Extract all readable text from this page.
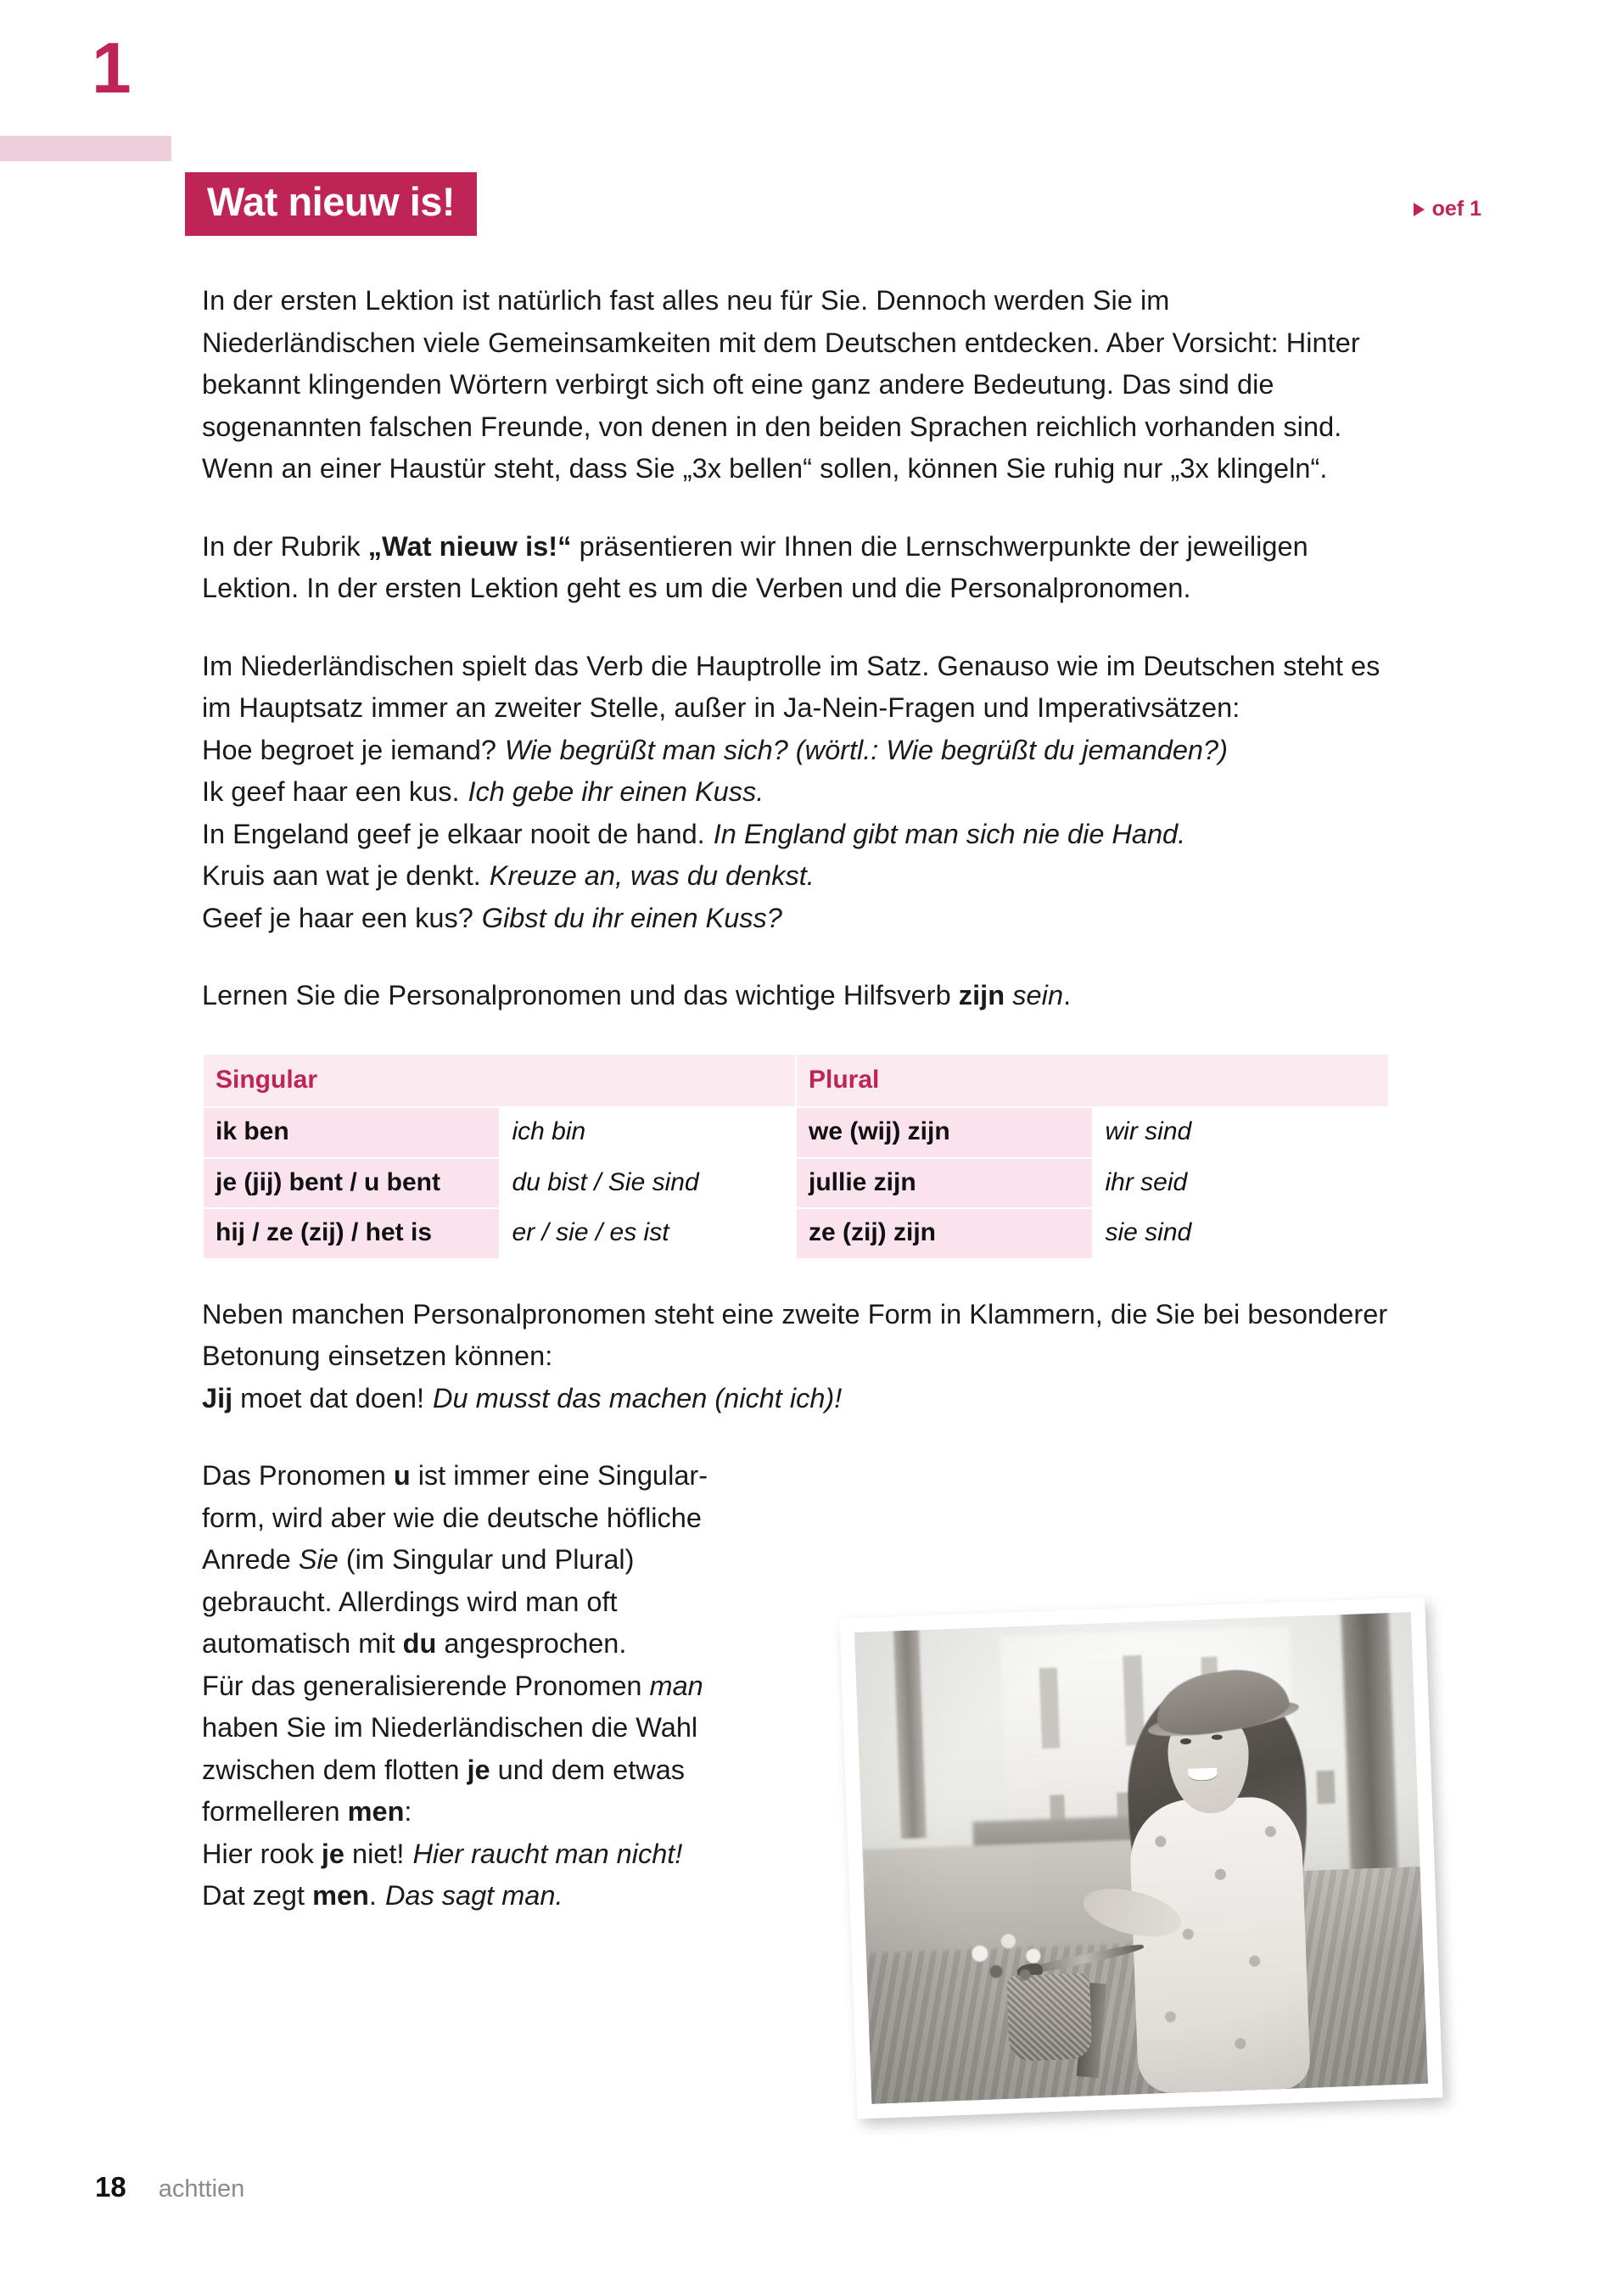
1
Wat nieuw is!	oef 1

In der ersten Lektion ist natürlich fast alles neu für Sie. Dennoch werden Sie im Niederländischen viele Gemeinsamkeiten mit dem Deutschen entdecken. Aber Vorsicht: Hinter bekannt klingenden Wörtern verbirgt sich oft eine ganz andere Bedeutung. Das sind die sogenannten falschen Freunde, von denen in den beiden Sprachen reichlich vorhanden sind. Wenn an einer Haustür steht, dass Sie „3x bellen“ sollen, können Sie ruhig nur „3x klingeln“.

In der Rubrik „Wat nieuw is!“ präsentieren wir Ihnen die Lernschwerpunkte der jeweiligen Lektion. In der ersten Lektion geht es um die Verben und die Personalpronomen.

Im Niederländischen spielt das Verb die Hauptrolle im Satz. Genauso wie im Deutschen steht es im Hauptsatz immer an zweiter Stelle, außer in Ja-Nein-Fragen und Imperativsätzen:

Hoe begroet je iemand? Wie begrüßt man sich? (wörtl.: Wie begrüßt du jemanden?)
Ik geef haar een kus. Ich gebe ihr einen Kuss.
In Engeland geef je elkaar nooit de hand. In England gibt man sich nie die Hand.
Kruis aan wat je denkt. Kreuze an, was du denkst.
Geef je haar een kus? Gibst du ihr einen Kuss?

Lernen Sie die Personalpronomen und das wichtige Hilfsverb zijn sein.

Singular		Plural	
ik ben	ich bin	we (wij) zijn	wir sind
je (jij) bent / u bent	du bist / Sie sind	jullie zijn	ihr seid
hij / ze (zij) / het is	er / sie / es ist	ze (zij) zijn	sie sind

Neben manchen Personalpronomen steht eine zweite Form in Klammern, die Sie bei besonderer Betonung einsetzen können:

Jij moet dat doen! Du musst das machen (nicht ich)!

Das Pronomen u ist immer eine Singular-

form, wird aber wie die deutsche höfliche

Anrede Sie (im Singular und Plural)

gebraucht. Allerdings wird man oft

automatisch mit du angesprochen.

Für das generalisierende Pronomen man

haben Sie im Niederländischen die Wahl

zwischen dem flotten je und dem etwas

formelleren men:

Hier rook je niet! Hier raucht man nicht!

Dat zegt men. Das sagt man.

18 achttien
